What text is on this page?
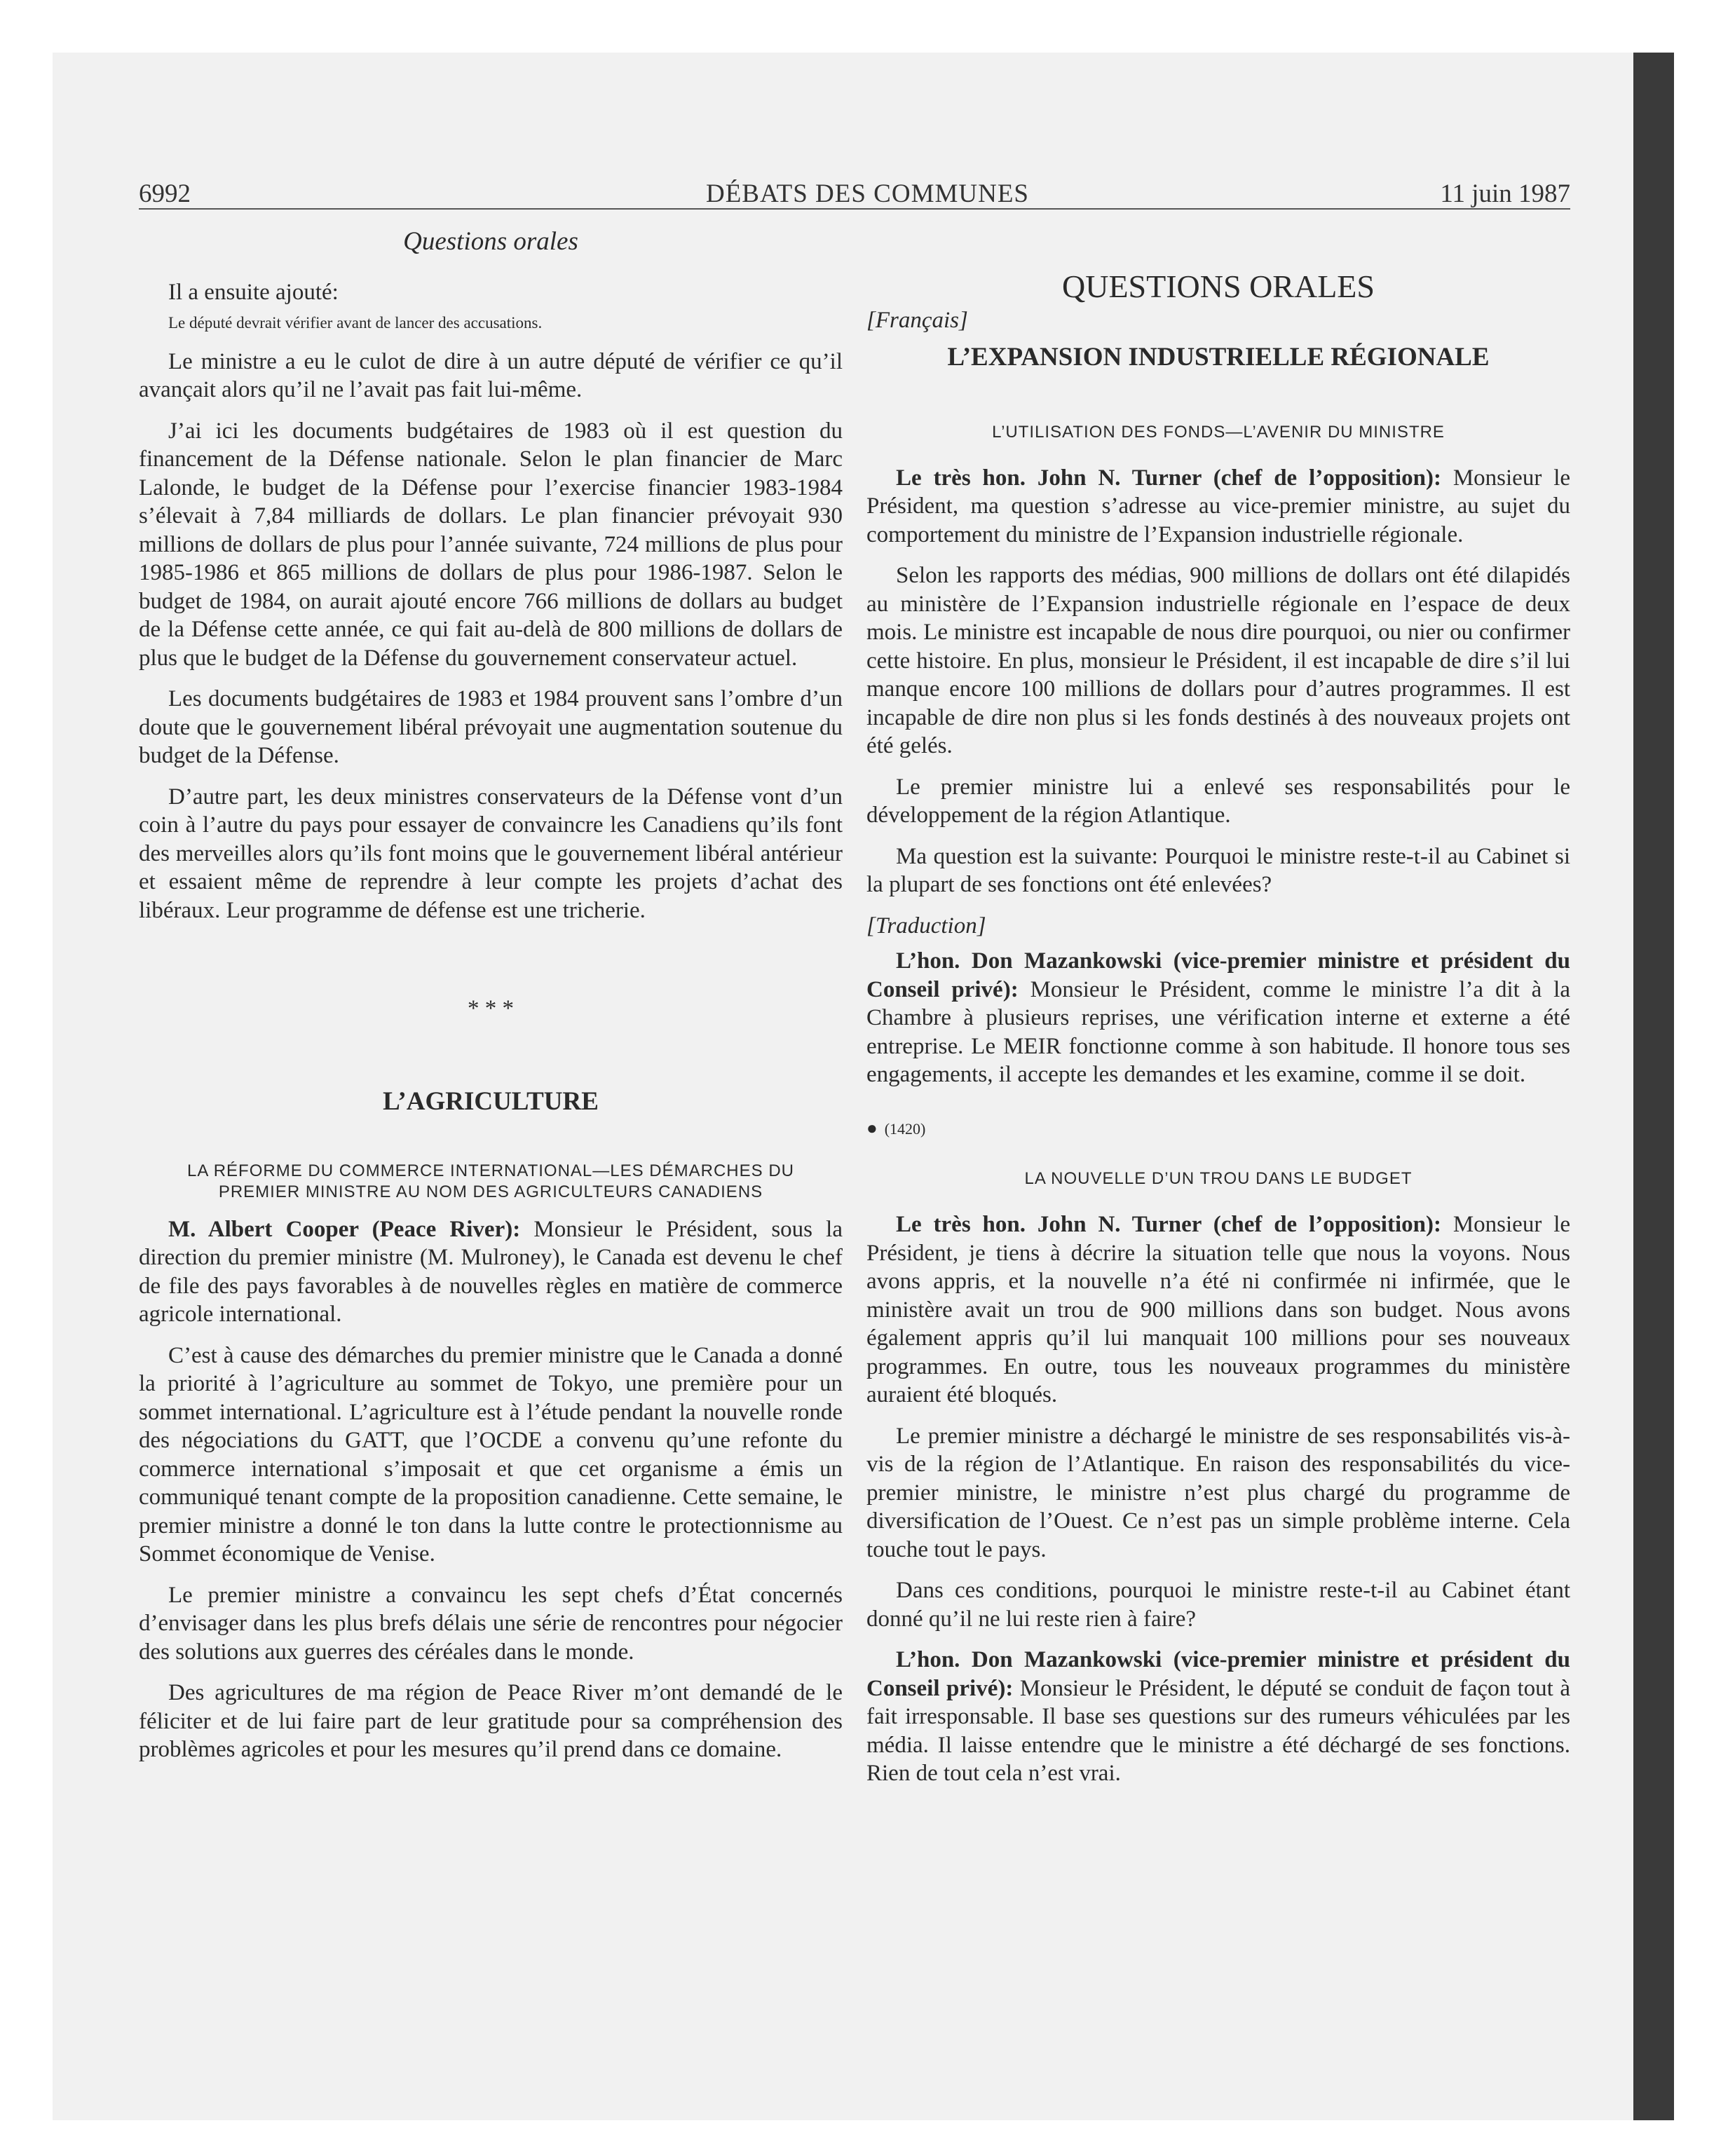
6992	DÉBATS DES COMMUNES	11 juin 1987

Questions orales

Il a ensuite ajouté:

Le député devrait vérifier avant de lancer des accusations.

Le ministre a eu le culot de dire à un autre député de vérifier ce qu’il avançait alors qu’il ne l’avait pas fait lui-même.

J’ai ici les documents budgétaires de 1983 où il est question du financement de la Défense nationale. Selon le plan financier de Marc Lalonde, le budget de la Défense pour l’exercise financier 1983-1984 s’élevait à 7,84 milliards de dollars. Le plan financier prévoyait 930 millions de dollars de plus pour l’année suivante, 724 millions de plus pour 1985-1986 et 865 millions de dollars de plus pour 1986-1987. Selon le budget de 1984, on aurait ajouté encore 766 millions de dollars au budget de la Défense cette année, ce qui fait au-delà de 800 millions de dollars de plus que le budget de la Défense du gouvernement conservateur actuel.

Les documents budgétaires de 1983 et 1984 prouvent sans l’ombre d’un doute que le gouvernement libéral prévoyait une augmentation soutenue du budget de la Défense.

D’autre part, les deux ministres conservateurs de la Défense vont d’un coin à l’autre du pays pour essayer de convaincre les Canadiens qu’ils font des merveilles alors qu’ils font moins que le gouvernement libéral antérieur et essaient même de reprendre à leur compte les projets d’achat des libéraux. Leur programme de défense est une tricherie.

* * *

L’AGRICULTURE

LA RÉFORME DU COMMERCE INTERNATIONAL—LES DÉMARCHES DU PREMIER MINISTRE AU NOM DES AGRICULTEURS CANADIENS

M. Albert Cooper (Peace River): Monsieur le Président, sous la direction du premier ministre (M. Mulroney), le Canada est devenu le chef de file des pays favorables à de nouvelles règles en matière de commerce agricole international.

C’est à cause des démarches du premier ministre que le Canada a donné la priorité à l’agriculture au sommet de Tokyo, une première pour un sommet international. L’agriculture est à l’étude pendant la nouvelle ronde des négociations du GATT, que l’OCDE a convenu qu’une refonte du commerce international s’imposait et que cet organisme a émis un communiqué tenant compte de la proposition canadienne. Cette semaine, le premier ministre a donné le ton dans la lutte contre le protectionnisme au Sommet économique de Venise.

Le premier ministre a convaincu les sept chefs d’État concernés d’envisager dans les plus brefs délais une série de rencontres pour négocier des solutions aux guerres des céréales dans le monde.

Des agricultures de ma région de Peace River m’ont demandé de le féliciter et de lui faire part de leur gratitude pour sa compréhension des problèmes agricoles et pour les mesures qu’il prend dans ce domaine.

QUESTIONS ORALES

[Français]

L’EXPANSION INDUSTRIELLE RÉGIONALE

L’UTILISATION DES FONDS—L’AVENIR DU MINISTRE

Le très hon. John N. Turner (chef de l’opposition): Monsieur le Président, ma question s’adresse au vice-premier ministre, au sujet du comportement du ministre de l’Expansion industrielle régionale.

Selon les rapports des médias, 900 millions de dollars ont été dilapidés au ministère de l’Expansion industrielle régionale en l’espace de deux mois. Le ministre est incapable de nous dire pourquoi, ou nier ou confirmer cette histoire. En plus, monsieur le Président, il est incapable de dire s’il lui manque encore 100 millions de dollars pour d’autres programmes. Il est incapable de dire non plus si les fonds destinés à des nouveaux projets ont été gelés.

Le premier ministre lui a enlevé ses responsabilités pour le développement de la région Atlantique.

Ma question est la suivante: Pourquoi le ministre reste-t-il au Cabinet si la plupart de ses fonctions ont été enlevées?

[Traduction]

L’hon. Don Mazankowski (vice-premier ministre et président du Conseil privé): Monsieur le Président, comme le ministre l’a dit à la Chambre à plusieurs reprises, une vérification interne et externe a été entreprise. Le MEIR fonctionne comme à son habitude. Il honore tous ses engagements, il accepte les demandes et les examine, comme il se doit.

● (1420)

LA NOUVELLE D’UN TROU DANS LE BUDGET

Le très hon. John N. Turner (chef de l’opposition): Monsieur le Président, je tiens à décrire la situation telle que nous la voyons. Nous avons appris, et la nouvelle n’a été ni confirmée ni infirmée, que le ministère avait un trou de 900 millions dans son budget. Nous avons également appris qu’il lui manquait 100 millions pour ses nouveaux programmes. En outre, tous les nouveaux programmes du ministère auraient été bloqués.

Le premier ministre a déchargé le ministre de ses responsabilités vis-à-vis de la région de l’Atlantique. En raison des responsabilités du vice-premier ministre, le ministre n’est plus chargé du programme de diversification de l’Ouest. Ce n’est pas un simple problème interne. Cela touche tout le pays.

Dans ces conditions, pourquoi le ministre reste-t-il au Cabinet étant donné qu’il ne lui reste rien à faire?

L’hon. Don Mazankowski (vice-premier ministre et président du Conseil privé): Monsieur le Président, le député se conduit de façon tout à fait irresponsable. Il base ses questions sur des rumeurs véhiculées par les média. Il laisse entendre que le ministre a été déchargé de ses fonctions. Rien de tout cela n’est vrai.
